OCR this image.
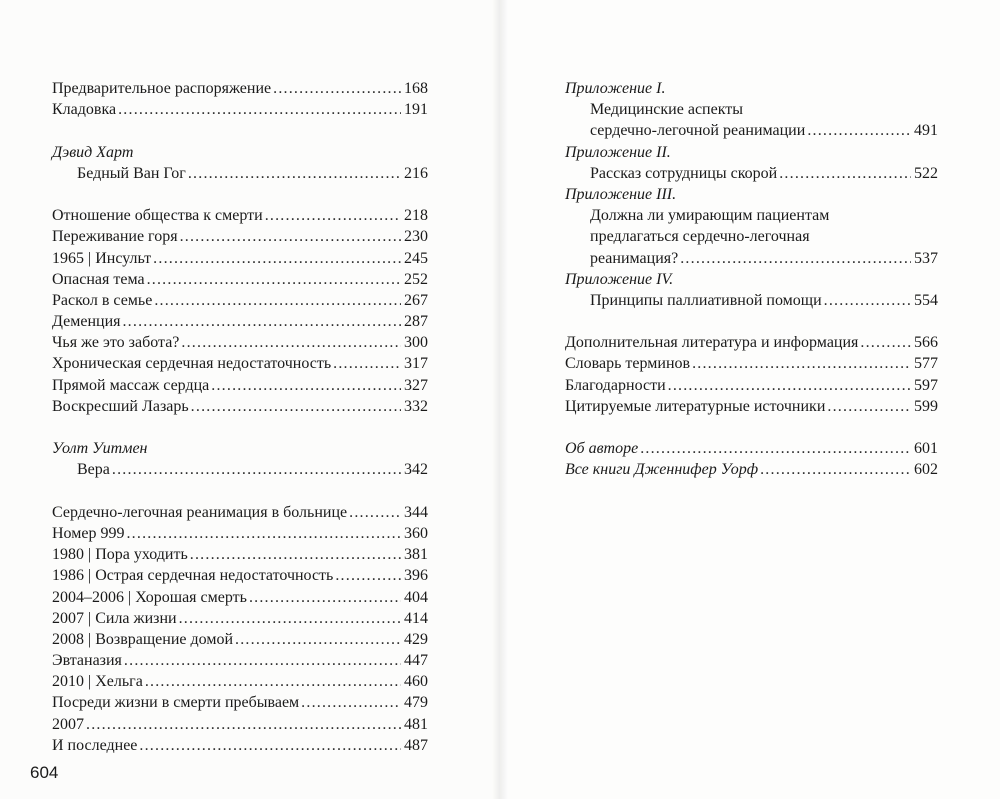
Предварительное распоряжение . . .	168
Кладовка . . .	191
Дэвид Харт
Бедный Ван Гог . . .	216
Отношение общества к смерти . . .	218
Переживание горя . . .	230
1965 | Инсульт . . .	245
Опасная тема . . .	252
Раскол в семье . . .	267
Деменция . . .	287
Чья же это забота? . . .	300
Хроническая сердечная недостаточность . . .	317
Прямой массаж сердца . . .	327
Воскресший Лазарь . . .	332
Уолт Уитмен
Вера . . .	342
Сердечно-легочная реанимация в больнице . . .	344
Номер 999 . . .	360
1980 | Пора уходить . . .	381
1986 | Острая сердечная недостаточность . . .	396
2004–2006 | Хорошая смерть . . .	404
2007 | Сила жизни . . .	414
2008 | Возвращение домой . . .	429
Эвтаназия . . .	447
2010 | Хельга . . .	460
Посреди жизни в смерти пребываем . . .	479
2007 . . .	481
И последнее . . .	487
604
Приложение I.
Медицинские аспекты
сердечно-легочной реанимации . . .	491
Приложение II.
Рассказ сотрудницы скорой . . .	522
Приложение III.
Должна ли умирающим пациентам
предлагаться сердечно-легочная
реанимация? . . .	537
Приложение IV.
Принципы паллиативной помощи . . .	554
Дополнительная литература и информация . . .	566
Словарь терминов . . .	577
Благодарности . . .	597
Цитируемые литературные источники . . .	599
Об авторе . . .	601
Все книги Дженнифер Уорф . . .	602
